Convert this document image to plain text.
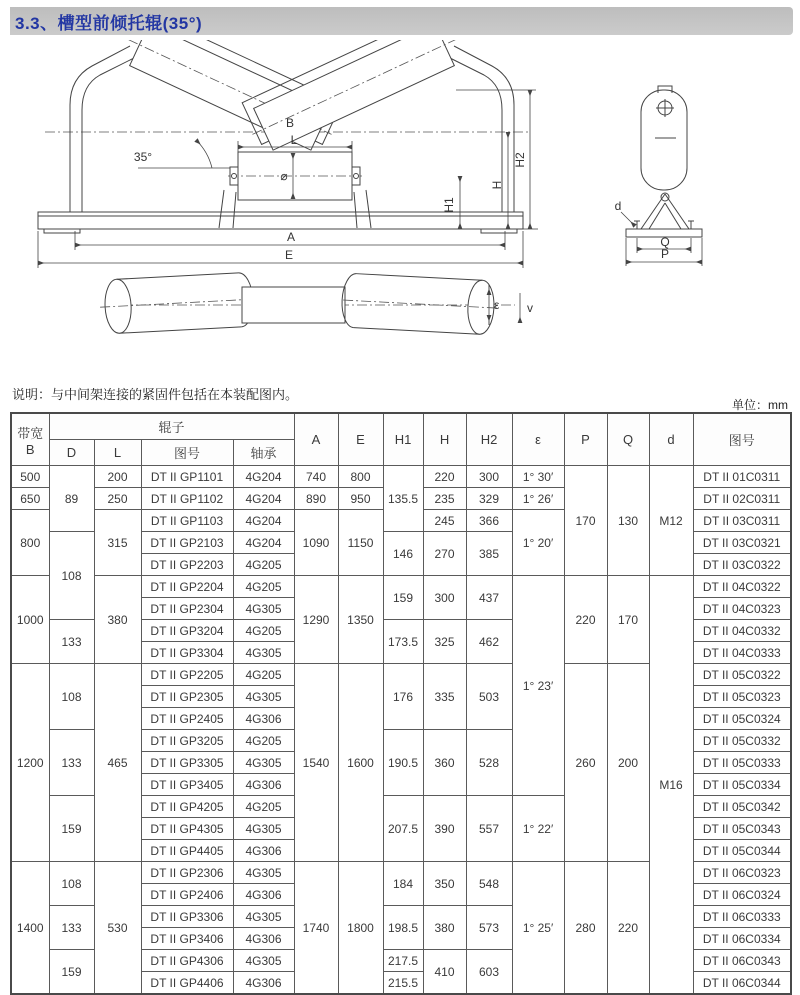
3.3、槽型前倾托辊(35°)
35°
B
L
⌀
H1
H
H2
A
E
d
Q
P
ε v
说明：与中间架连接的紧固件包括在本装配图内。
单位：mm
带宽
B	辊子				A	E	H1	H	H2	ε	P	Q	d	图号
	D	L	图号	轴承										
500	89	200	DT II GP1101	4G204	740	800	135.5	220	300	1° 30′	170	130	M12	DT II 01C0311
650		250	DT II GP1102	4G204	890	950		235	329	1° 26′				DT II 02C0311
800		315	DT II GP1103	4G204	1090	1150		245	366	1° 20′				DT II 03C0311
	108		DT II GP2103	4G204			146	270	385					DT II 03C0321
			DT II GP2203	4G205										DT II 03C0322
1000		380	DT II GP2204	4G205	1290	1350	159	300	437	1° 23′	220	170	M16	DT II 04C0322
			DT II GP2304	4G305										DT II 04C0323
	133		DT II GP3204	4G205			173.5	325	462					DT II 04C0332
			DT II GP3304	4G305										DT II 04C0333
1200	108	465	DT II GP2205	4G205	1540	1600	176	335	503		260	200		DT II 05C0322
			DT II GP2305	4G305										DT II 05C0323
			DT II GP2405	4G306										DT II 05C0324
	133		DT II GP3205	4G205			190.5	360	528					DT II 05C0332
			DT II GP3305	4G305										DT II 05C0333
			DT II GP3405	4G306										DT II 05C0334
	159		DT II GP4205	4G205			207.5	390	557	1° 22′				DT II 05C0342
			DT II GP4305	4G305										DT II 05C0343
			DT II GP4405	4G306										DT II 05C0344
1400	108	530	DT II GP2306	4G305	1740	1800	184	350	548	1° 25′	280	220		DT II 06C0323
			DT II GP2406	4G306										DT II 06C0324
	133		DT II GP3306	4G305			198.5	380	573					DT II 06C0333
			DT II GP3406	4G306										DT II 06C0334
	159		DT II GP4306	4G305			217.5	410	603					DT II 06C0343
			DT II GP4406	4G306			215.5							DT II 06C0344
